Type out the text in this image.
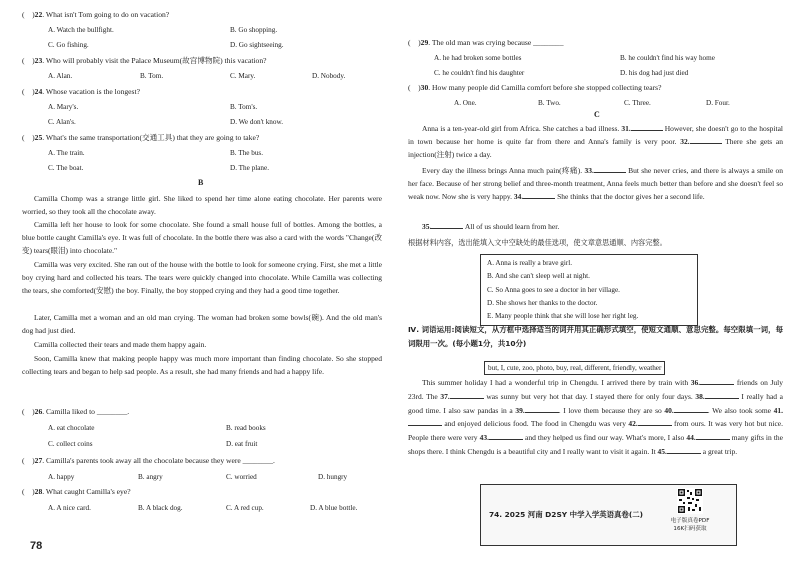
(    )22. What isn't Tom going to do on vacation?
A. Watch the bullfight.	B. Go shopping.
C. Go fishing.	D. Go sightseeing.
(    )23. Who will probably visit the Palace Museum(故宫博物院) this vacation?
A. Alan.	B. Tom.	C. Mary.	D. Nobody.
(    )24. Whose vacation is the longest?
A. Mary's.	B. Tom's.
C. Alan's.	D. We don't know.
(    )25. What's the same transportation(交通工具) that they are going to take?
A. The train.	B. The bus.
C. The boat.	D. The plane.
B
Camilla Chomp was a strange little girl. She liked to spend her time alone eating chocolate. Her parents were worried, so they took all the chocolate away.
Camilla left her house to look for some chocolate. She found a small house full of bottles. Among the bottles, a blue bottle caught Camilla's eye. It was full of chocolate. In the bottle there was also a card with the words "Change(改变) tears(眼泪) into chocolate."
Camilla was very excited. She ran out of the house with the bottle to look for someone crying. First, she met a little boy crying hard and collected his tears. The tears were quickly changed into chocolate. While Camilla was collecting the tears, she comforted(安慰) the boy. Finally, the boy stopped crying and they had a good time together.
Later, Camilla met a woman and an old man crying. The woman had broken some bowls(碗). And the old man's dog had just died.
Camilla collected their tears and made them happy again.
Soon, Camilla knew that making people happy was much more important than finding chocolate. So she stopped collecting tears and began to help sad people. As a result, she had many friends and had a happy life.
(    )26. Camilla liked to ________.
A. eat chocolate	B. read books
C. collect coins	D. eat fruit
(    )27. Camilla's parents took away all the chocolate because they were ________.
A. happy	B. angry	C. worried	D. hungry
(    )28. What caught Camilla's eye?
A. A nice card.	B. A black dog.	C. A red cup.	D. A blue bottle.
78
(    )29. The old man was crying because ________
A. he had broken some bottles	B. he couldn't find his way home
C. he couldn't find his daughter	D. his dog had just died
(    )30. How many people did Camilla comfort before she stopped collecting tears?
A. One.	B. Two.	C. Three.	D. Four.
C
Anna is a ten-year-old girl from Africa. She catches a bad illness. 31.	However, she doesn't go to the hospital in town because her home is quite far from there and Anna's family is very poor. 32.	There she gets an injection(注射) twice a day.
Every day the illness brings Anna much pain(疼痛). 33.	But she never cries, and there is always a smile on her face. Because of her strong belief and three-month treatment, Anna feels much better than before and she doesn't feel so weak now. Now she is very happy. 34.	She thinks that the doctor gives her a second life.
35.	All of us should learn from her.
根据材料内容，选出能填入文中空缺处的最佳选项，使文章意思通顺、内容完整。
A. Anna is really a brave girl.
B. And she can't sleep well at night.
C. So Anna goes to see a doctor in her village.
D. She shows her thanks to the doctor.
E. Many people think that she will lose her right leg.
Ⅳ. 词语运用:阅读短文，从方框中选择适当的词并用其正确形式填空，使短文通顺、意思完整。每空限填一词，每词限用一次。(每小题1分，共10分)
but, I, cute, zoo, photo, buy, real, different, friendly, weather
This summer holiday I had a wonderful trip in Chengdu. I arrived there by train with 36.	friends on July 23rd. The 37.	was sunny but very hot that day. I stayed there for only four days. 38.	I really had a good time. I also saw pandas in a 39.	. I love them because they are so 40.	. We also took some 41. and enjoyed delicious food. The food in Chengdu was very 42.	from ours. It was very hot but nice. People there were very 43.	and they helped us find our way. What's more, I also 44.	many gifts in the shops there. I think Chengdu is a beautiful city and I really want to visit it again. It 45.	a great trip.
74. 2025 河南 D2SY 中学入学英语真卷(二)
电子版真卷PDF
16K扫码获取
